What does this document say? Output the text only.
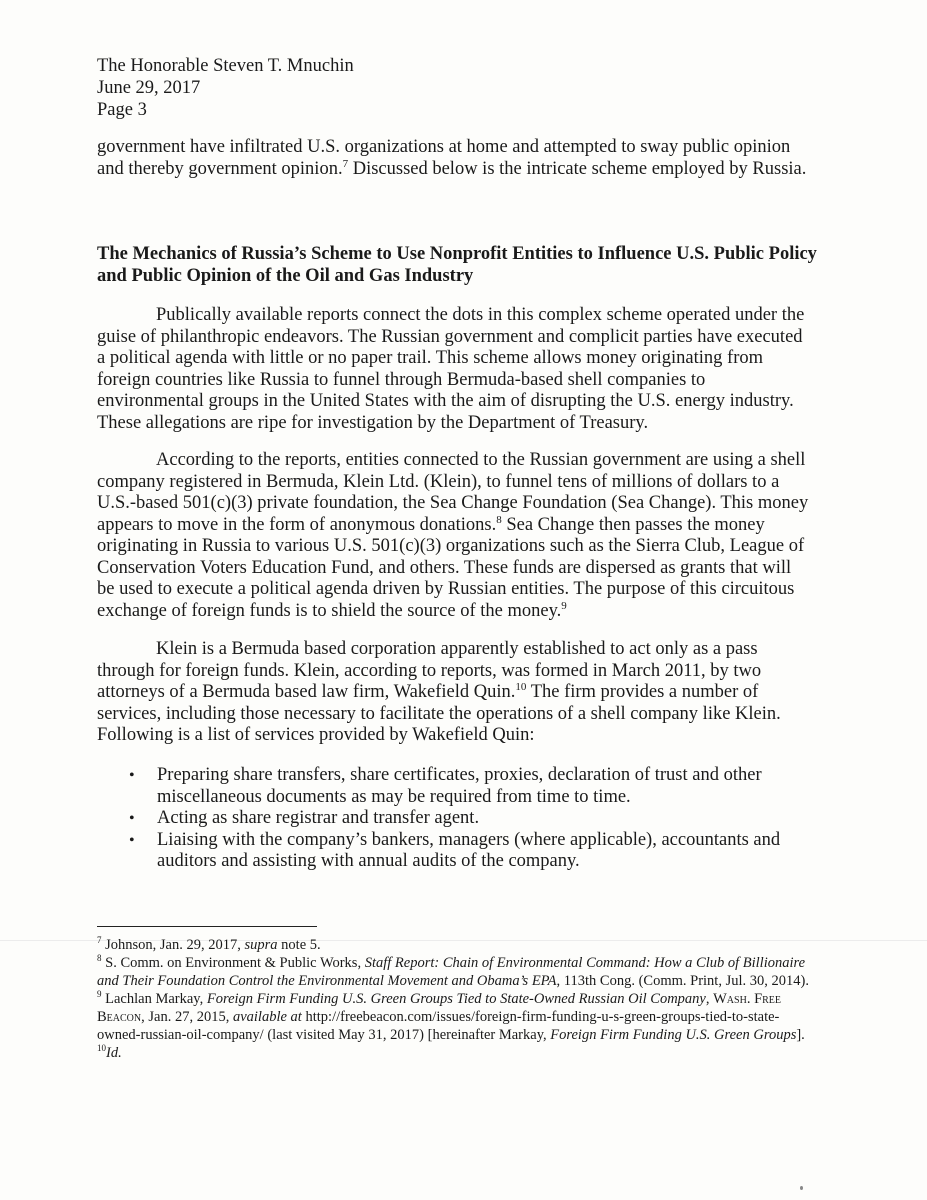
The Honorable Steven T. Mnuchin
June 29, 2017
Page 3
government have infiltrated U.S. organizations at home and attempted to sway public opinion and thereby government opinion.$^7$ Discussed below is the intricate scheme employed by Russia.
The Mechanics of Russia’s Scheme to Use Nonprofit Entities to Influence U.S. Public Policy and Public Opinion of the Oil and Gas Industry
Publically available reports connect the dots in this complex scheme operated under the guise of philanthropic endeavors. The Russian government and complicit parties have executed a political agenda with little or no paper trail. This scheme allows money originating from foreign countries like Russia to funnel through Bermuda-based shell companies to environmental groups in the United States with the aim of disrupting the U.S. energy industry. These allegations are ripe for investigation by the Department of Treasury.
According to the reports, entities connected to the Russian government are using a shell company registered in Bermuda, Klein Ltd. (Klein), to funnel tens of millions of dollars to a U.S.-based 501(c)(3) private foundation, the Sea Change Foundation (Sea Change). This money appears to move in the form of anonymous donations.$^8$ Sea Change then passes the money originating in Russia to various U.S. 501(c)(3) organizations such as the Sierra Club, League of Conservation Voters Education Fund, and others. These funds are dispersed as grants that will be used to execute a political agenda driven by Russian entities. The purpose of this circuitous exchange of foreign funds is to shield the source of the money.$^9$
Klein is a Bermuda based corporation apparently established to act only as a pass through for foreign funds. Klein, according to reports, was formed in March 2011, by two attorneys of a Bermuda based law firm, Wakefield Quin.$^{10}$ The firm provides a number of services, including those necessary to facilitate the operations of a shell company like Klein. Following is a list of services provided by Wakefield Quin:
• Preparing share transfers, share certificates, proxies, declaration of trust and other miscellaneous documents as may be required from time to time.
• Acting as share registrar and transfer agent.
• Liaising with the company’s bankers, managers (where applicable), accountants and auditors and assisting with annual audits of the company.

$^7$ Johnson, Jan. 29, 2017, supra note 5.

$^8$ S. Comm. on Environment & Public Works, Staff Report: Chain of Environmental Command: How a Club of Billionaire and Their Foundation Control the Environmental Movement and Obama’s EPA, 113th Cong. (Comm. Print, Jul. 30, 2014).

$^9$ Lachlan Markay, Foreign Firm Funding U.S. Green Groups Tied to State-Owned Russian Oil Company, Wash. Free Beacon, Jan. 27, 2015, available at http://freebeacon.com/issues/foreign-firm-funding-u-s-green-groups-tied-to-state-owned-russian-oil-company/ (last visited May 31, 2017) [hereinafter Markay, Foreign Firm Funding U.S. Green Groups].

$^{10}$Id.
